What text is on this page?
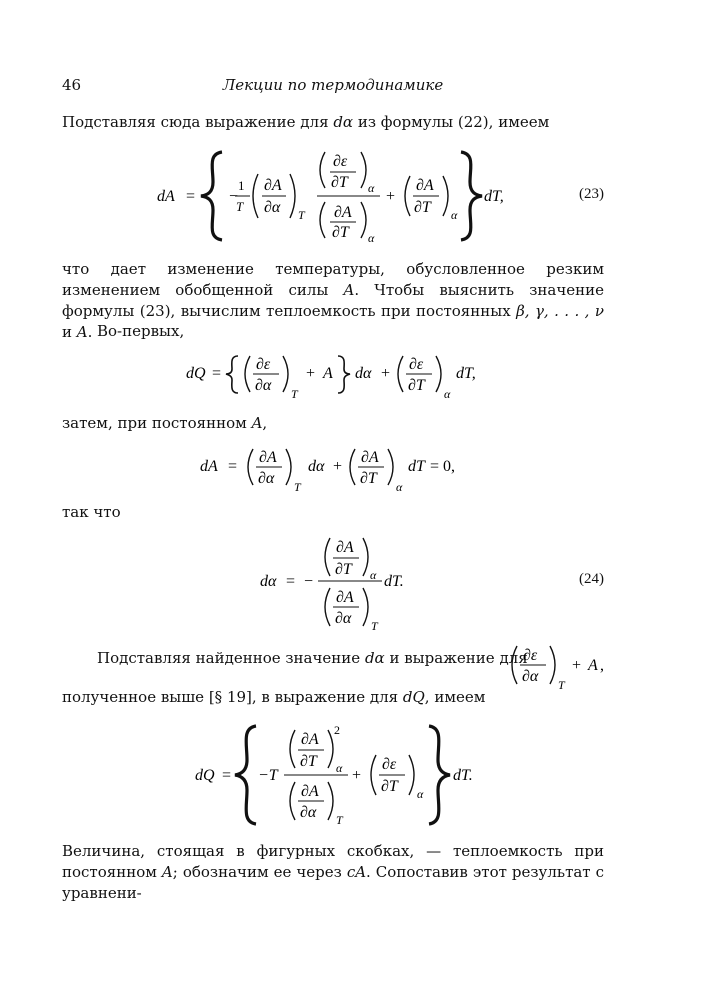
46	Лекции по термодинамике
Подставляя сюда выражение для dα из формулы (22), имеем
dA = −
1
T
∂A
∂α T
∂ε
∂T α
∂A
∂T α
+
∂A
∂T α
dT,	(23)
что дает изменение температуры, обусловленное резким изменением обобщенной силы A. Чтобы выяснить значение формулы (23), вычислим теплоемкость при постоянных β, γ, . . . , ν и A. Во-первых,
dQ =
∂ε
∂α T
+ A dα +
∂ε
∂T α
dT,
затем, при постоянном A,
dA =
∂A
∂α T
dα +
∂A
∂T α
dT = 0,
так что
dα = −
∂A
∂T α
∂A
∂α T
dT.	(24)
Подставляя найденное значение dα и выражение для
∂ε
∂α T
+ A ,
полученное выше [§ 19], в выражение для dQ, имеем
dQ = −T
∂A
∂T
2
α
∂A
∂α T
+
∂ε
∂T α
dT.
Величина, стоящая в фигурных скобках, — теплоемкость при постоянном A; обозначим ее через cA. Сопоставив этот результат с уравнени-
